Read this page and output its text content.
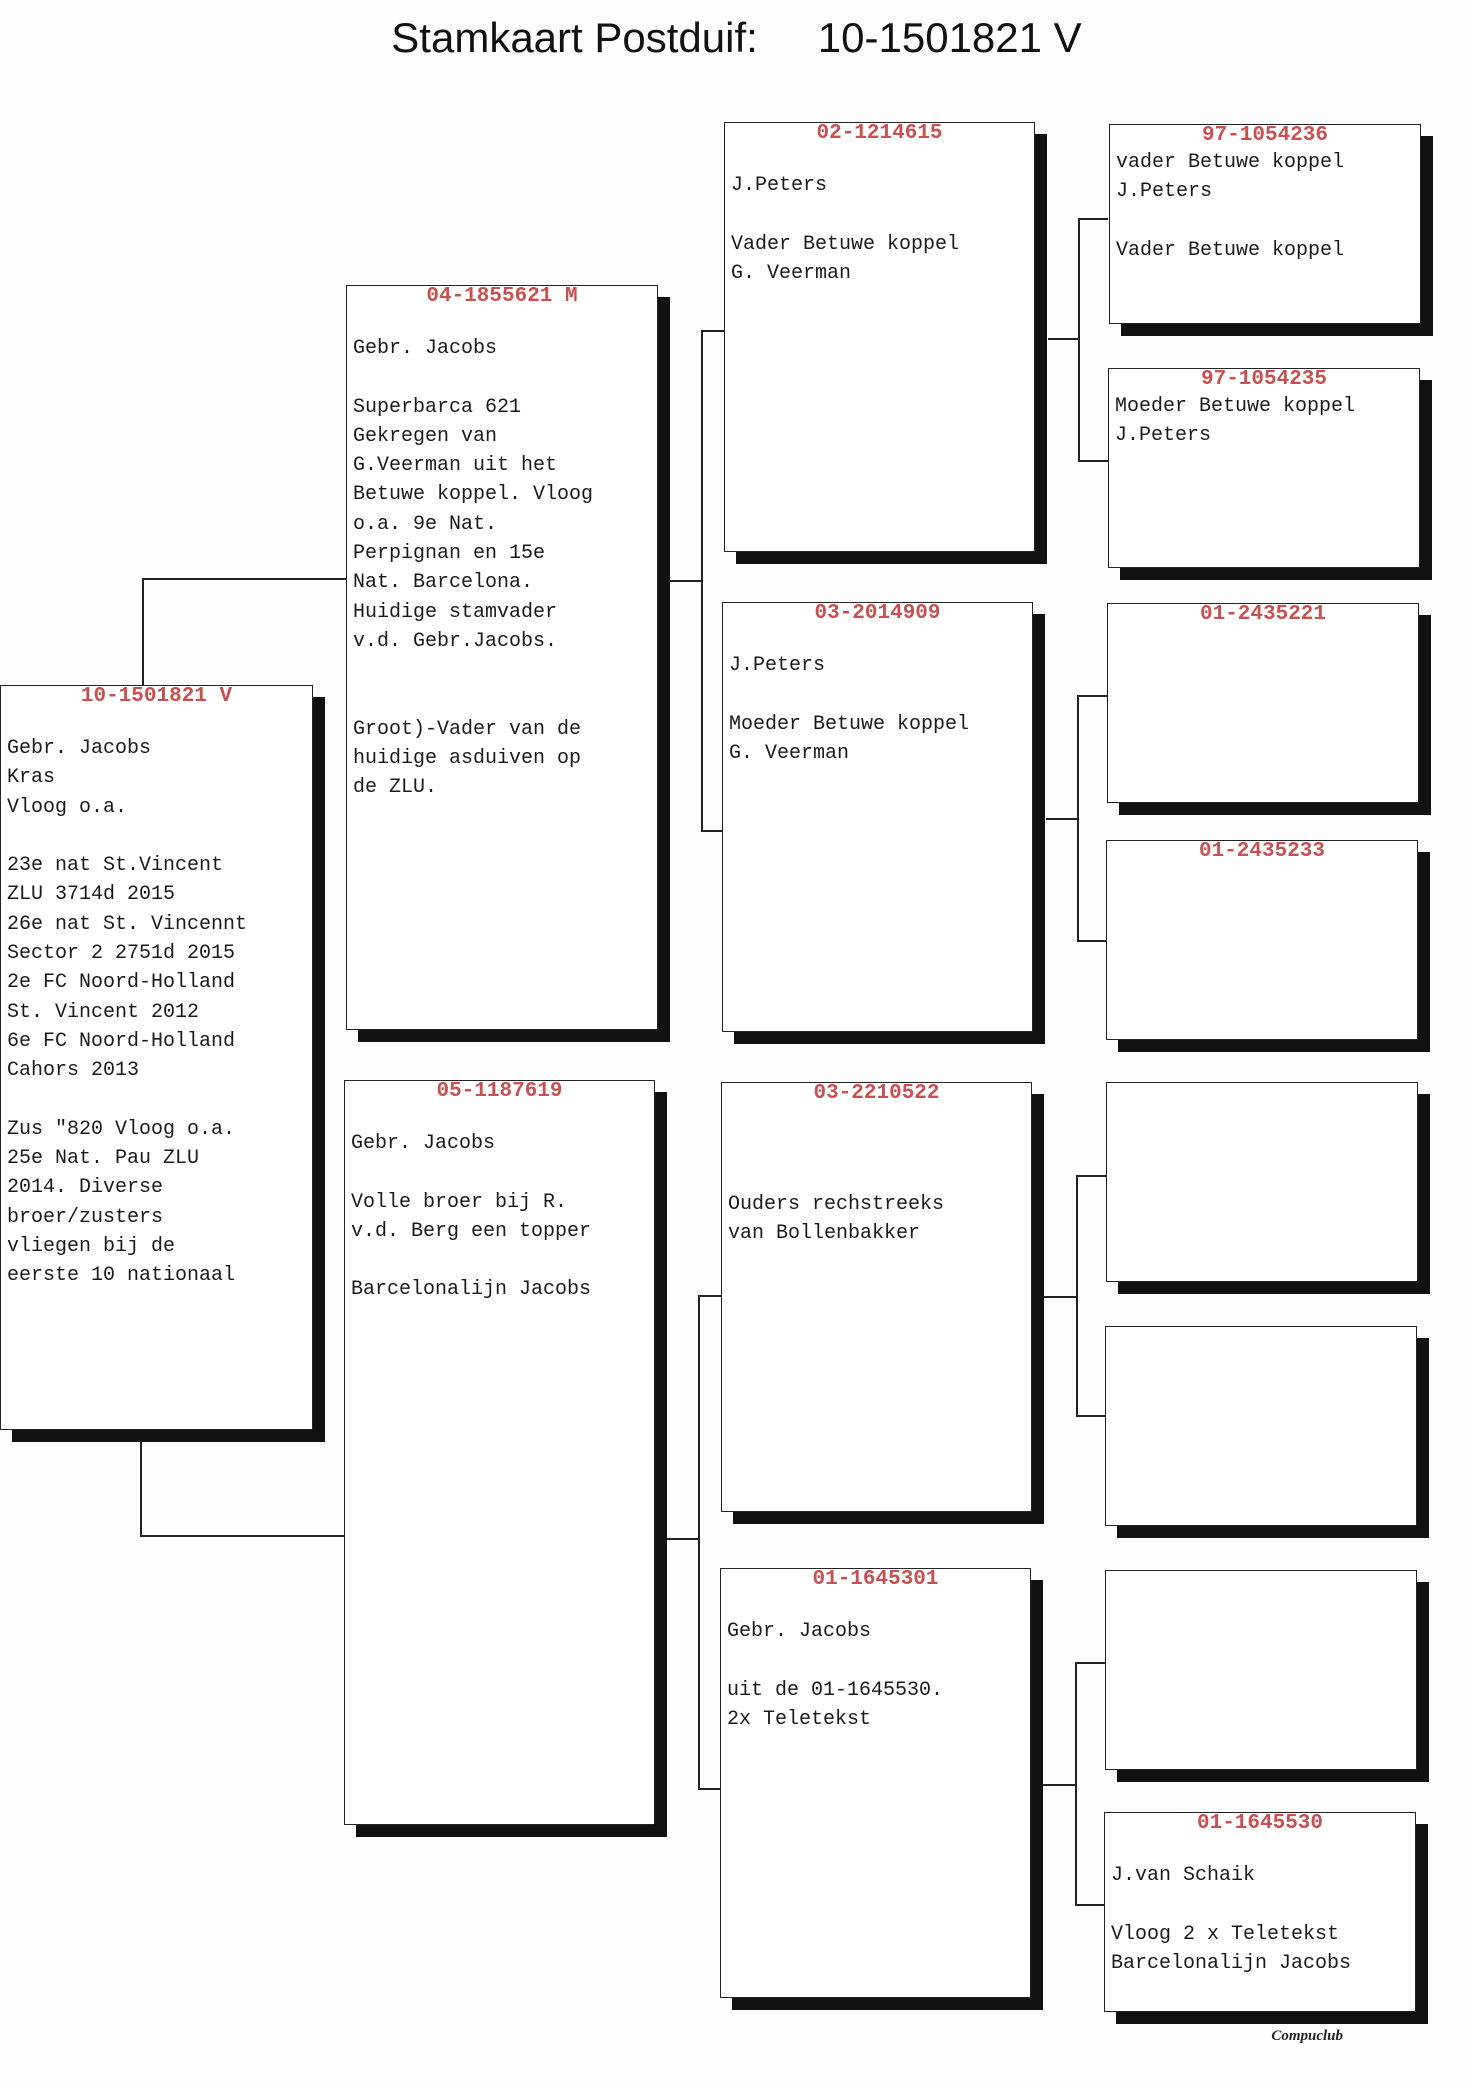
Stamkaart Postduif: 10-1501821 V
10-1501821 V
Gebr. Jacobs
Kras
Vloog o.a.

23e nat St.Vincent
ZLU 3714d 2015
26e nat St. Vincennt
Sector 2 2751d 2015
2e FC Noord-Holland
St. Vincent 2012
6e FC Noord-Holland
Cahors 2013

Zus "820 Vloog o.a.
25e Nat. Pau ZLU
2014. Diverse
broer/zusters
vliegen bij de
eerste 10 nationaal
04-1855621 M
Gebr. Jacobs

Superbarca 621
Gekregen van
G.Veerman uit het
Betuwe koppel. Vloog
o.a. 9e Nat.
Perpignan en 15e
Nat. Barcelona.
Huidige stamvader
v.d. Gebr.Jacobs.

Groot)-Vader van de
huidige asduiven op
de ZLU.
05-1187619
Gebr. Jacobs

Volle broer bij R.
v.d. Berg een topper

Barcelonalijn Jacobs
02-1214615
J.Peters

Vader Betuwe koppel
G. Veerman
03-2014909
J.Peters

Moeder Betuwe koppel
G. Veerman
03-2210522

Ouders rechstreeks
van Bollenbakker
01-1645301
Gebr. Jacobs

uit de 01-1645530.
2x Teletekst
97-1054236
vader Betuwe koppel
J.Peters

Vader Betuwe koppel
97-1054235
Moeder Betuwe koppel
J.Peters
01-2435221
01-2435233
01-1645530
J.van Schaik

Vloog 2 x Teletekst
Barcelonalijn Jacobs
Compuclub
